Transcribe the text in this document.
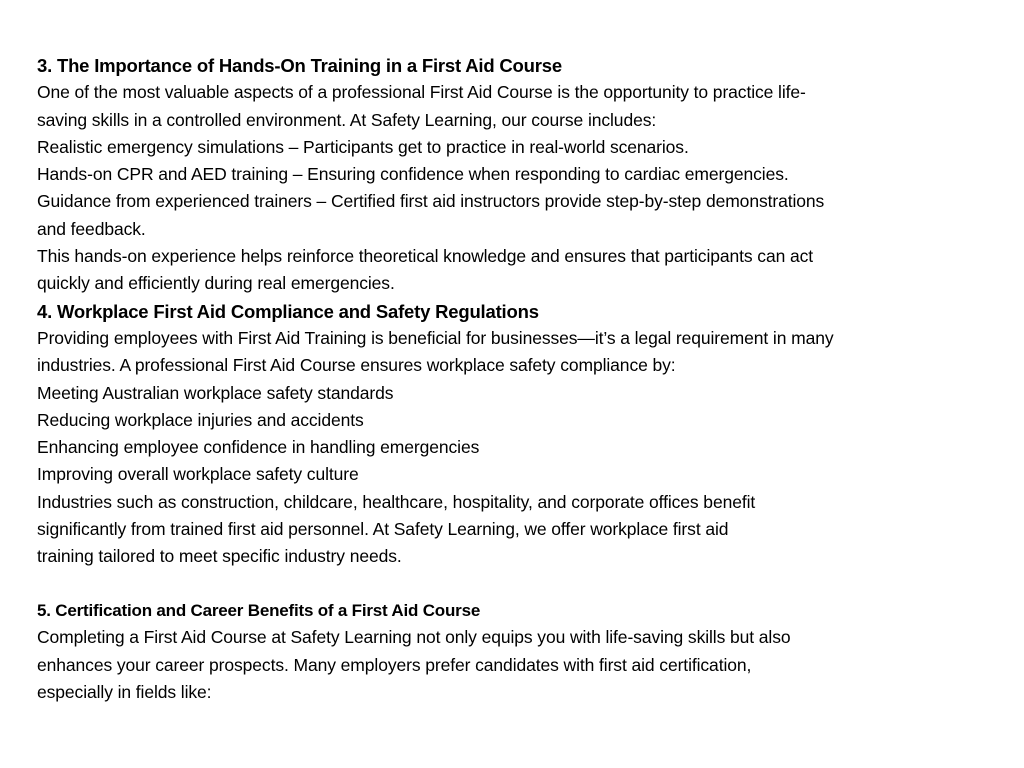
3. The Importance of Hands-On Training in a First Aid Course
One of the most valuable aspects of a professional First Aid Course is the opportunity to practice life-
saving skills in a controlled environment. At Safety Learning, our course includes:
Realistic emergency simulations – Participants get to practice in real-world scenarios.
Hands-on CPR and AED training – Ensuring confidence when responding to cardiac emergencies.
Guidance from experienced trainers – Certified first aid instructors provide step-by-step demonstrations
and feedback.
This hands-on experience helps reinforce theoretical knowledge and ensures that participants can act
quickly and efficiently during real emergencies.
4. Workplace First Aid Compliance and Safety Regulations
Providing employees with First Aid Training is beneficial for businesses—it’s a legal requirement in many
industries. A professional First Aid Course ensures workplace safety compliance by:
Meeting Australian workplace safety standards
Reducing workplace injuries and accidents
Enhancing employee confidence in handling emergencies
Improving overall workplace safety culture
Industries such as construction, childcare, healthcare, hospitality, and corporate offices benefit
significantly from trained first aid personnel. At Safety Learning, we offer workplace first aid
training tailored to meet specific industry needs.
5. Certification and Career Benefits of a First Aid Course
Completing a First Aid Course at Safety Learning not only equips you with life-saving skills but also
enhances your career prospects. Many employers prefer candidates with first aid certification,
especially in fields like:
